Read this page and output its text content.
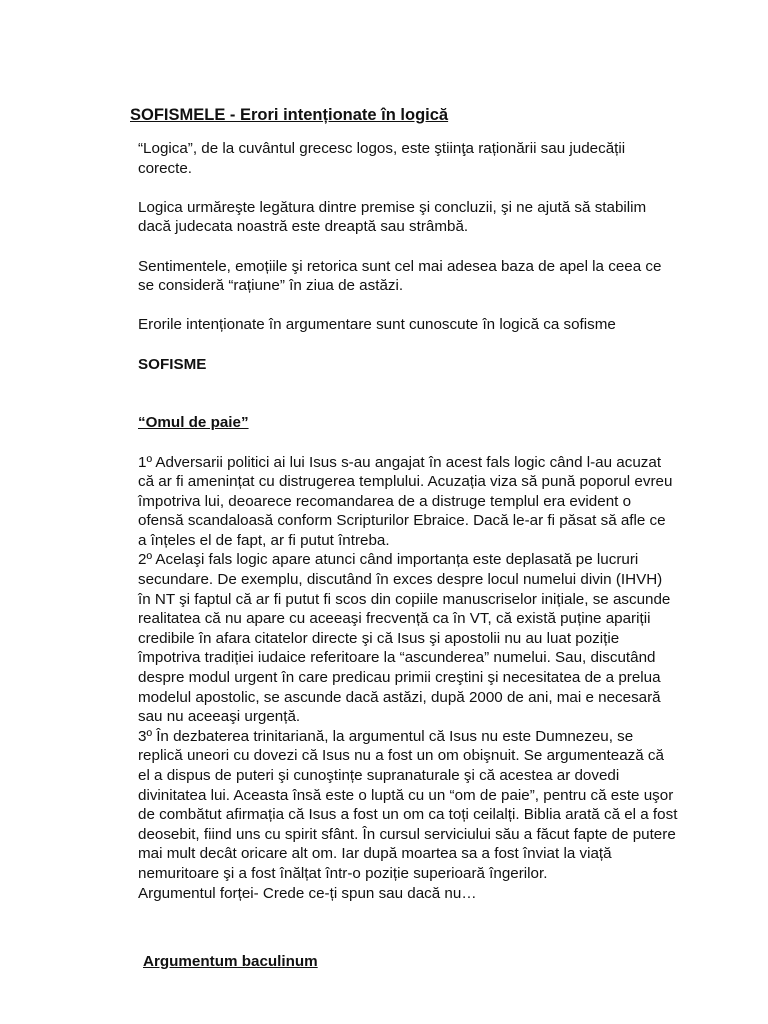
SOFISMELE - Erori intenționate în logică

“Logica”, de la cuvântul grecesc logos, este ştiinţa raționării sau judecății corecte.

Logica urmăreşte legătura dintre premise şi concluzii, şi ne ajută să stabilim dacă judecata noastră este dreaptă sau strâmbă.

Sentimentele, emoțiile şi retorica sunt cel mai adesea baza de apel la ceea ce se consideră “rațiune” în ziua de astăzi.

Erorile intenționate în argumentare sunt cunoscute în logică ca sofisme

SOFISME

“Omul de paie”

1º Adversarii politici ai lui Isus s-au angajat în acest fals logic când l-au acuzat că ar fi amenințat cu distrugerea templului. Acuzația viza să pună poporul evreu împotriva lui, deoarece recomandarea de a distruge templul era evident o ofensă scandaloasă conform Scripturilor Ebraice. Dacă le-ar fi păsat să afle ce a înțeles el de fapt, ar fi putut întreba.

2º Acelaşi fals logic apare atunci când importanța este deplasată pe lucruri secundare. De exemplu, discutând în exces despre locul numelui divin (IHVH) în NT şi faptul că ar fi putut fi scos din copiile manuscriselor inițiale, se ascunde realitatea că nu apare cu aceeaşi frecvență ca în VT, că există puține apariții credibile în afara citatelor directe şi că Isus şi apostolii nu au luat poziție împotriva tradiției iudaice referitoare la “ascunderea” numelui. Sau, discutând despre modul urgent în care predicau primii creştini şi necesitatea de a prelua modelul apostolic, se ascunde dacă astăzi, după 2000 de ani, mai e necesară sau nu aceeaşi urgență.

3º În dezbaterea trinitariană, la argumentul că Isus nu este Dumnezeu, se replică uneori cu dovezi că Isus nu a fost un om obişnuit. Se argumentează că el a dispus de puteri şi cunoştințe supranaturale şi că acestea ar dovedi divinitatea lui. Aceasta însă este o luptă cu un “om de paie”, pentru că este uşor de combătut afirmația că Isus a fost un om ca toți ceilalți. Biblia arată că el a fost deosebit, fiind uns cu spirit sfânt. În cursul serviciului său a făcut fapte de putere mai mult decât oricare alt om. Iar după moartea sa a fost înviat la viață nemuritoare şi a fost înălțat într-o poziție superioară îngerilor.

Argumentul forței- Crede ce-ți spun sau dacă nu…

Argumentum baculinum
